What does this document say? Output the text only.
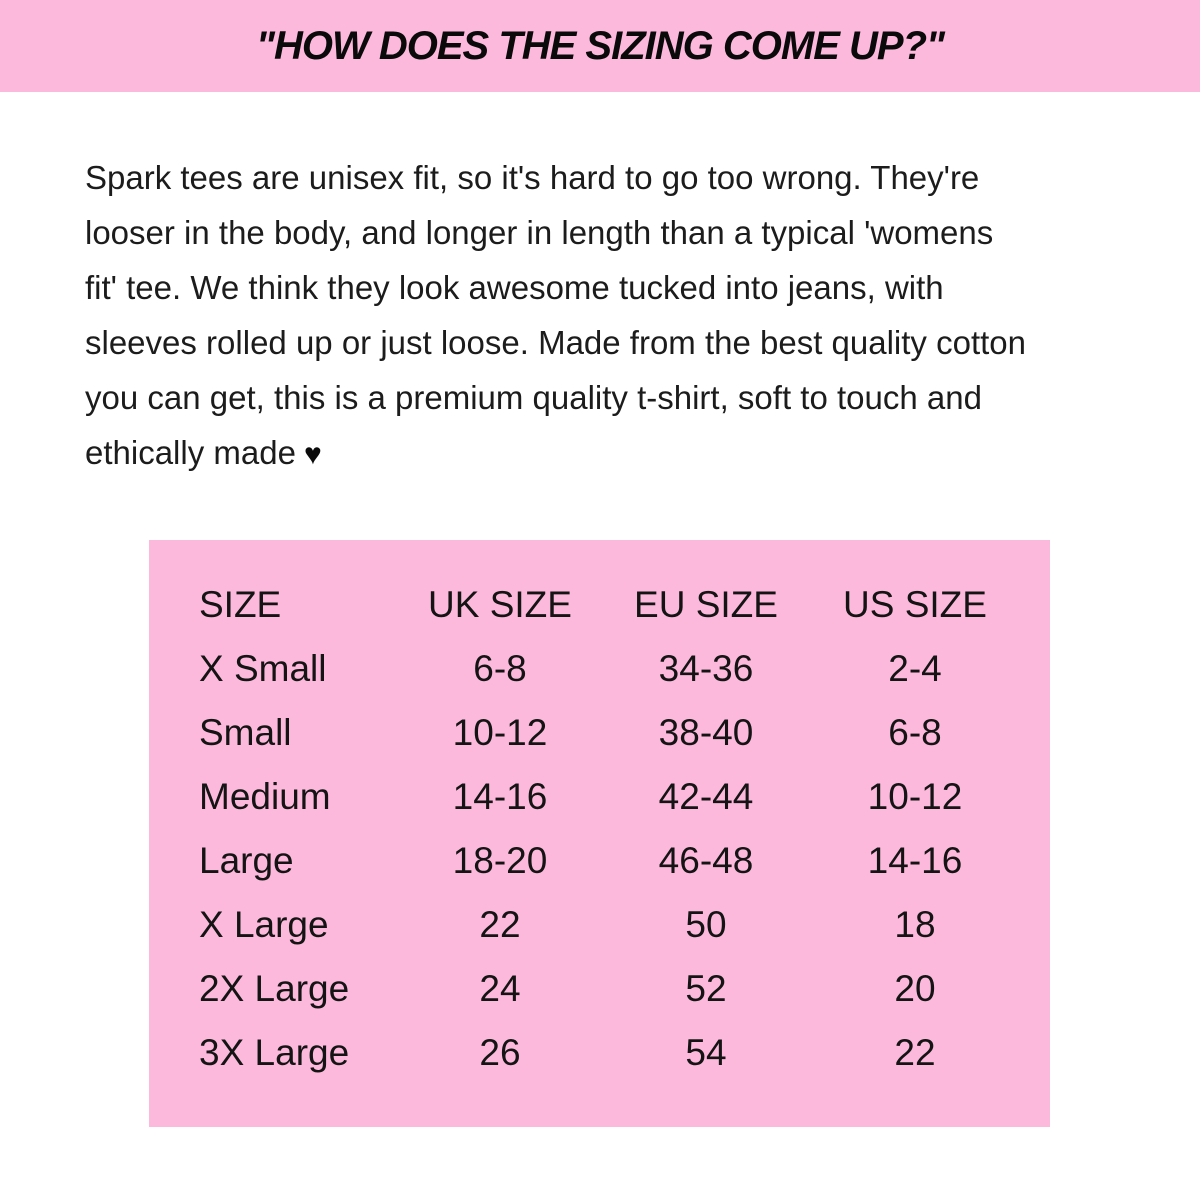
"HOW DOES THE SIZING COME UP?"
Spark tees are unisex fit, so it's hard to go too wrong. They're
looser in the body, and longer in length than a typical 'womens
fit' tee. We think they look awesome tucked into jeans, with
sleeves rolled up or just loose. Made from the best quality cotton
you can get, this is a premium quality t-shirt, soft to touch and
ethically made ♥
SIZE	UK SIZE	EU SIZE	US SIZE
X Small	6-8	34-36	2-4
Small	10-12	38-40	6-8
Medium	14-16	42-44	10-12
Large	18-20	46-48	14-16
X Large	22	50	18
2X Large	24	52	20
3X Large	26	54	22
